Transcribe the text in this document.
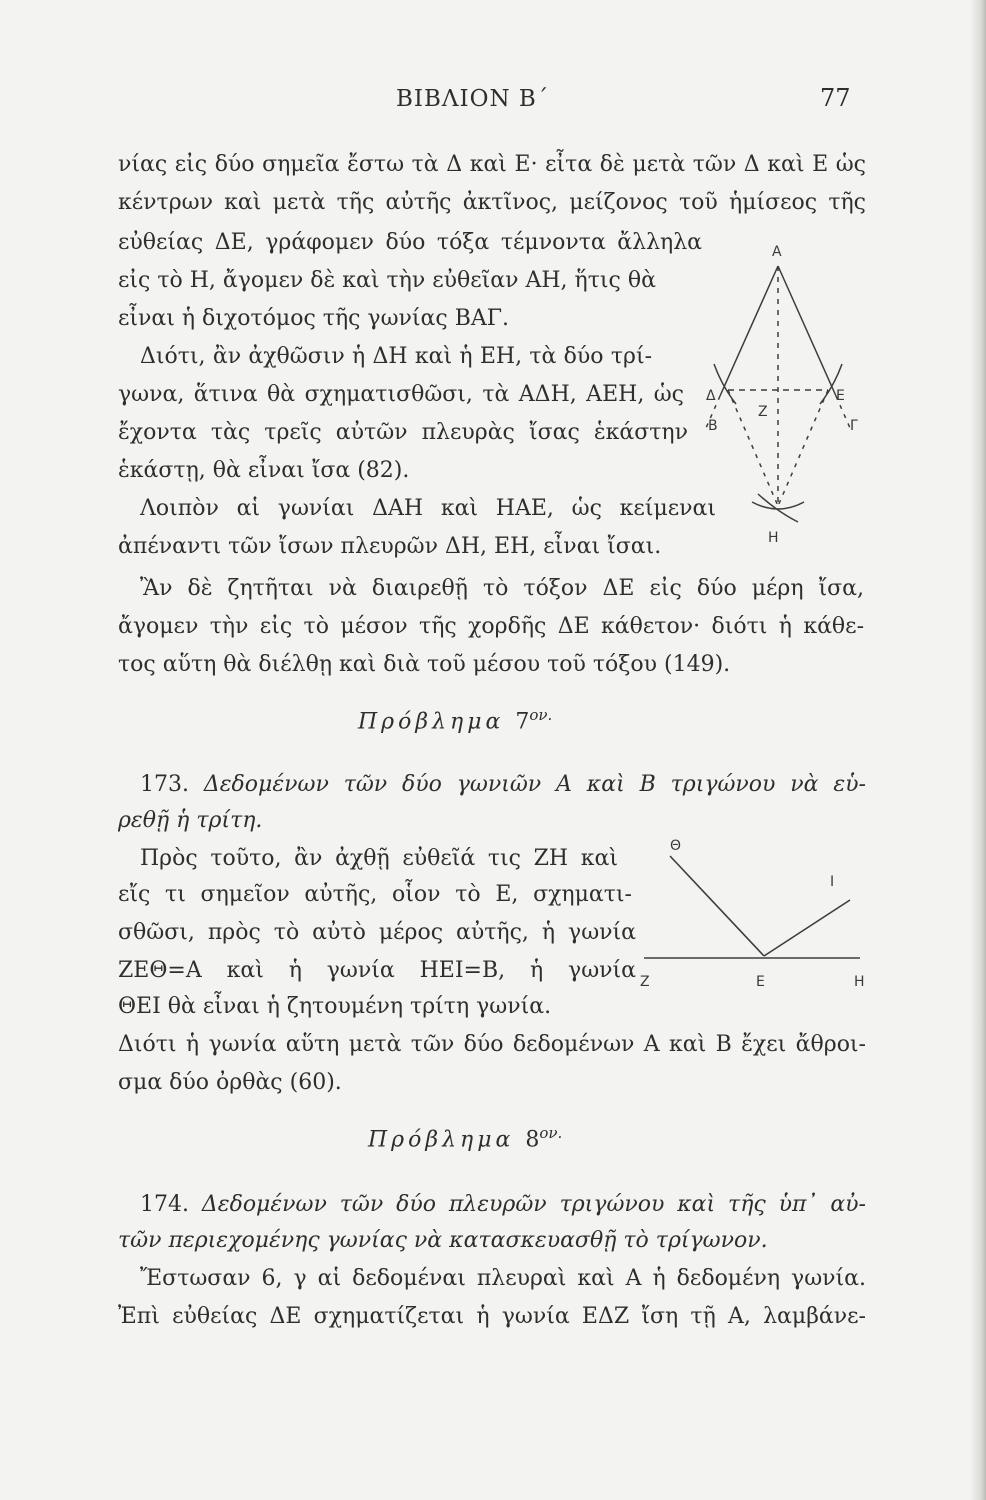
ΒΙΒΛΙΟΝ Β΄	77
νίας εἰς δύο σημεῖα ἔστω τὰ Δ καὶ Ε· εἶτα δὲ μετὰ τῶν Δ καὶ Ε ὡς
κέντρων καὶ μετὰ τῆς αὐτῆς ἀκτῖνος, μείζονος τοῦ ἡμίσεος τῆς
εὐθείας ΔΕ, γράφομεν δύο τόξα τέμνοντα ἄλληλα
εἰς τὸ Η, ἄγομεν δὲ καὶ τὴν εὐθεῖαν ΑΗ, ἥτις θὰ
εἶναι ἡ διχοτόμος τῆς γωνίας ΒΑΓ.
Διότι, ἂν ἀχθῶσιν ἡ ΔΗ καὶ ἡ ΕΗ, τὰ δύο τρί-
γωνα, ἅτινα θὰ σχηματισθῶσι, τὰ ΑΔΗ, ΑΕΗ, ὡς
ἔχοντα τὰς τρεῖς αὐτῶν πλευρὰς ἴσας ἑκάστην
ἑκάστῃ, θὰ εἶναι ἴσα (82).
Λοιπὸν αἱ γωνίαι ΔΑΗ καὶ ΗΑΕ, ὡς κείμεναι
ἀπέναντι τῶν ἴσων πλευρῶν ΔΗ, ΕΗ, εἶναι ἴσαι.
Ἂν δὲ ζητῆται νὰ διαιρεθῇ τὸ τόξον ΔΕ εἰς δύο μέρη ἴσα,
ἄγομεν τὴν εἰς τὸ μέσον τῆς χορδῆς ΔΕ κάθετον· διότι ἡ κάθε-
τος αὕτη θὰ διέλθῃ καὶ διὰ τοῦ μέσου τοῦ τόξου (149).
Α
Δ	Ε
Β	Γ
Ζ
Η
Πρόβλημα $7^{o\nu.}$
173. Δεδομένων τῶν δύο γωνιῶν Α καὶ Β τριγώνου νὰ εὑ-
ρεθῇ ἡ τρίτη.
Πρὸς τοῦτο, ἂν ἀχθῇ εὐθεῖά τις ΖΗ καὶ
εἴς τι σημεῖον αὐτῆς, οἷον τὸ Ε, σχηματι-
σθῶσι, πρὸς τὸ αὐτὸ μέρος αὐτῆς, ἡ γωνία
ΖΕΘ=Α καὶ ἡ γωνία ΗΕΙ=Β, ἡ γωνία
ΘΕΙ θὰ εἶναι ἡ ζητουμένη τρίτη γωνία.
Διότι ἡ γωνία αὕτη μετὰ τῶν δύο δεδομένων Α καὶ Β ἔχει ἄθροι-
σμα δύο ὀρθὰς (60).
Θ
Ι
Ζ	Ε	Η
Πρόβλημα $8^{o\nu.}$
174. Δεδομένων τῶν δύο πλευρῶν τριγώνου καὶ τῆς ὑπ᾽ αὐ-
τῶν περιεχομένης γωνίας νὰ κατασκευασθῇ τὸ τρίγωνον.
Ἔστωσαν 6, γ αἱ δεδομέναι πλευραὶ καὶ Α ἡ δεδομένη γωνία.
Ἐπὶ εὐθείας ΔΕ σχηματίζεται ἡ γωνία ΕΔΖ ἴση τῇ Α, λαμβάνε-
